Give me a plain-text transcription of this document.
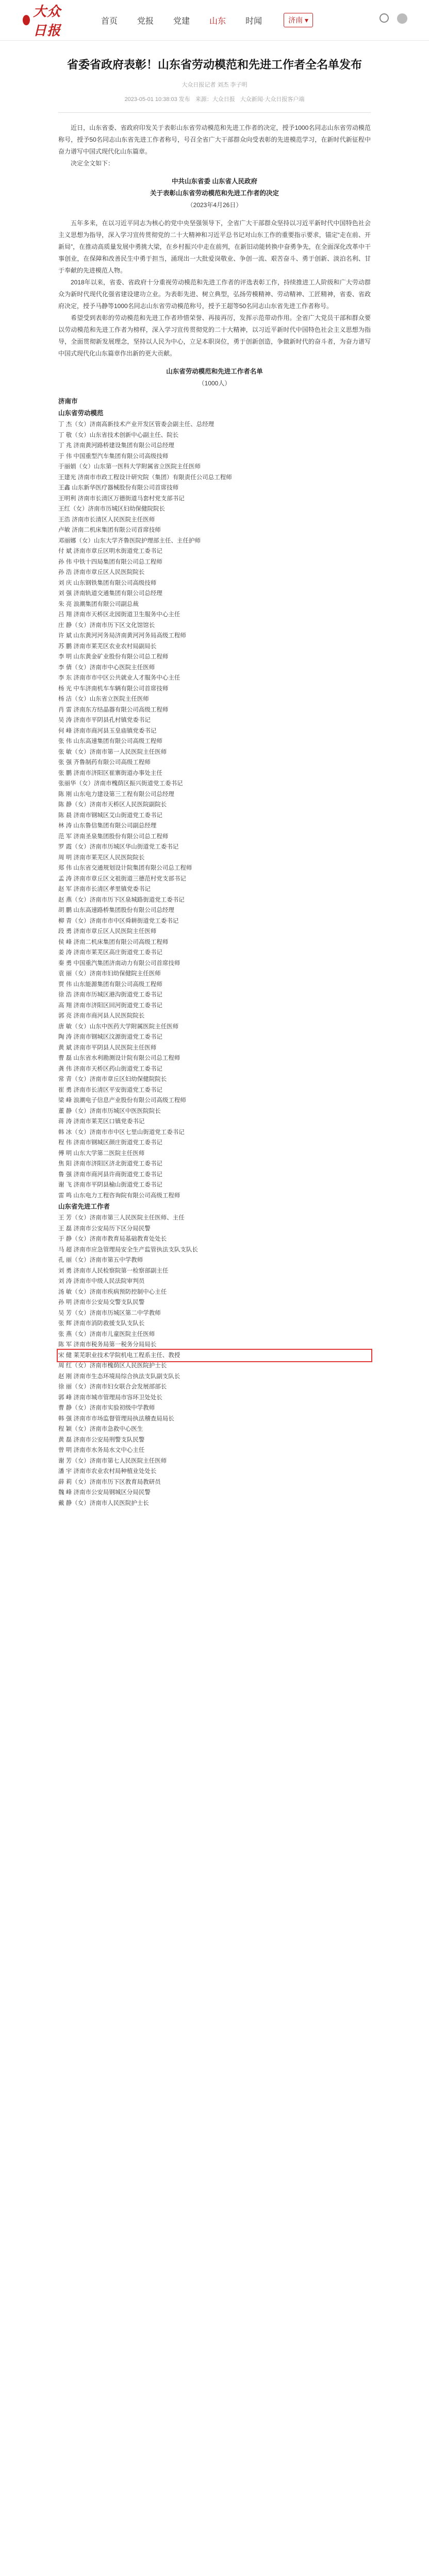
大众日报
首页 党报 党建 山东 时闻	济南 ▾
省委省政府表彰！山东省劳动模范和先进工作者全名单发布
大众日报记者 刘杰 李子明
2023-05-01 10:38:03 发布 来源：大众日报 大众新闻·大众日报客户端

近日，山东省委、省政府印发关于表彰山东省劳动模范和先进工作者的决定，授予1000名同志山东省劳动模范称号，授予50名同志山东省先进工作者称号，号召全省广大干部群众向受表彰的先进模范学习，在新时代新征程中奋力谱写中国式现代化山东篇章。

决定全文如下：

中共山东省委 山东省人民政府
关于表彰山东省劳动模范和先进工作者的决定
（2023年4月26日）

五年多来，在以习近平同志为核心的党中央坚强领导下，全省广大干部群众坚持以习近平新时代中国特色社会主义思想为指导，深入学习宣传贯彻党的二十大精神和习近平总书记对山东工作的重要指示要求，锚定“走在前、开新局”，在推动高质量发展中勇挑大梁，在乡村振兴中走在前列，在新旧动能转换中奋勇争先，在全面深化改革中干事创业，在保障和改善民生中勇于担当，涌现出一大批爱岗敬业、争创一流、艰苦奋斗、勇于创新、淡泊名利、甘于奉献的先进模范人物。

2018年以来，省委、省政府十分重视劳动模范和先进工作者的评选表彰工作，持续推进工人阶级和广大劳动群众为新时代现代化强省建设建功立业。为表彰先进、树立典型，弘扬劳模精神、劳动精神、工匠精神，省委、省政府决定，授予马静等1000名同志山东省劳动模范称号，授予王超等50名同志山东省先进工作者称号。

希望受到表彰的劳动模范和先进工作者珍惜荣誉、再接再厉，发挥示范带动作用。全省广大党员干部和群众要以劳动模范和先进工作者为榜样，深入学习宣传贯彻党的二十大精神，以习近平新时代中国特色社会主义思想为指导，全面贯彻新发展理念，坚持以人民为中心，立足本职岗位，勇于创新创造，争做新时代的奋斗者，为奋力谱写中国式现代化山东篇章作出新的更大贡献。

山东省劳动模范和先进工作者名单
（1000人）
济南市
山东省劳动模范
丁 杰（女）济南高新技术产业开发区管委会副主任、总经理
丁 敬（女）山东省技术创新中心副主任、院长
丁 兆 济南黄河路桥建设集团有限公司总经理
于 伟 中国重型汽车集团有限公司高级技师
于丽娟（女）山东第一医科大学附属省立医院主任医师
王建光 济南市市政工程设计研究院（集团）有限责任公司总工程师
王鑫 山东新华医疗器械股份有限公司首席技师
王明利 济南市长清区万德街道马套村党支部书记
王红（女）济南市历城区妇幼保健院院长
王浩 济南市长清区人民医院主任医师
卢敏 济南二机床集团有限公司首席技师
邓丽娜（女）山东大学齐鲁医院护理部主任、主任护师
付 斌 济南市章丘区明水街道党工委书记
孙 伟 中铁十四局集团有限公司总工程师
孙 浩 济南市章丘区人民医院院长
刘 庆 山东钢铁集团有限公司高级技师
刘 强 济南轨道交通集团有限公司总经理
朱 亮 浪潮集团有限公司副总裁
吕 翔 济南市天桥区北园街道卫生服务中心主任
庄 静（女）济南市历下区文化馆馆长
许 斌 山东黄河河务局济南黄河河务局高级工程师
苏 鹏 济南市莱芜区农业农村局副局长
李 明 山东黄金矿业股份有限公司总工程师
李 倩（女）济南市中心医院主任医师
李 东 济南市市中区公共就业人才服务中心主任
杨 光 中车济南机车车辆有限公司首席技师
杨 洁（女）山东省立医院主任医师
肖 雷 济南东方结晶器有限公司高级工程师
吴 涛 济南市平阴县孔村镇党委书记
何 峰 济南市商河县玉皇庙镇党委书记
张 伟 山东高速集团有限公司高级工程师
张 敏（女）济南市第一人民医院主任医师
张 强 齐鲁制药有限公司高级工程师
张 鹏 济南市济阳区崔寨街道办事处主任
张丽华（女）济南市槐荫区振兴街道党工委书记
陈 刚 山东电力建设第三工程有限公司总经理
陈 静（女）济南市天桥区人民医院副院长
陈 晨 济南市钢城区艾山街道党工委书记
林 涛 山东鲁信集团有限公司副总经理
范 军 济南圣泉集团股份有限公司总工程师
罗 霞（女）济南市历城区华山街道党工委书记
周 明 济南市莱芜区人民医院院长
郑 伟 山东省交通规划设计院集团有限公司总工程师
孟 涛 济南市章丘区文祖街道三德范村党支部书记
赵 军 济南市长清区孝里镇党委书记
赵 燕（女）济南市历下区泉城路街道党工委书记
胡 鹏 山东高速路桥集团股份有限公司总经理
柳 青（女）济南市市中区舜耕街道党工委书记
段 勇 济南市章丘区人民医院主任医师
侯 峰 济南二机床集团有限公司高级工程师
姜 涛 济南市莱芜区高庄街道党工委书记
秦 勇 中国重汽集团济南动力有限公司首席技师
袁 丽（女）济南市妇幼保健院主任医师
贾 伟 山东能源集团有限公司高级工程师
徐 浩 济南市历城区港沟街道党工委书记
高 翔 济南市济阳区回河街道党工委书记
郭 亮 济南市商河县人民医院院长
唐 敏（女）山东中医药大学附属医院主任医师
陶 涛 济南市钢城区汶源街道党工委书记
黄 斌 济南市平阴县人民医院主任医师
曹 磊 山东省水利勘测设计院有限公司总工程师
龚 伟 济南市天桥区药山街道党工委书记
常 青（女）济南市章丘区妇幼保健院院长
崔 勇 济南市长清区平安街道党工委书记
梁 峰 浪潮电子信息产业股份有限公司高级工程师
董 静（女）济南市历城区中医医院院长
蒋 涛 济南市莱芜区口镇党委书记
韩 冰（女）济南市市中区七里山街道党工委书记
程 伟 济南市钢城区颜庄街道党工委书记
傅 明 山东大学第二医院主任医师
焦 阳 济南市济阳区济北街道党工委书记
鲁 强 济南市商河县许商街道党工委书记
谢 飞 济南市平阴县榆山街道党工委书记
雷 鸣 山东电力工程咨询院有限公司高级工程师
山东省先进工作者
王 芳（女）济南市第三人民医院主任医师、主任
王 磊 济南市公安局历下区分局民警
于 静（女）济南市教育局基础教育处处长
马 超 济南市应急管理局安全生产监管执法支队支队长
孔 丽（女）济南市第五中学教师
刘 勇 济南市人民检察院第一检察部副主任
刘 涛 济南市中级人民法院审判员
汤 敏（女）济南市疾病预防控制中心主任
孙 明 济南市公安局交警支队民警
吴 芳（女）济南市历城区第二中学教师
张 辉 济南市消防救援支队支队长
张 燕（女）济南市儿童医院主任医师
陈 军 济南市税务局第一税务分局局长
宋 健 莱芜职业技术学院机电工程系主任、教授
周 红（女）济南市槐荫区人民医院护士长
赵 刚 济南市生态环境局综合执法支队副支队长
徐 丽（女）济南市妇女联合会发展部部长
郭 峰 济南市城市管理局市容环卫处处长
曹 静（女）济南市实验初级中学教师
韩 强 济南市市场监督管理局执法稽查局局长
程 颖（女）济南市急救中心医生
黄 磊 济南市公安局刑警支队民警
曾 明 济南市水务局水文中心主任
谢 芳（女）济南市第七人民医院主任医师
潘 宇 济南市农业农村局种植业处处长
薛 莉（女）济南市历下区教育局教研员
魏 峰 济南市公安局钢城区分局民警
戴 静（女）济南市人民医院护士长
